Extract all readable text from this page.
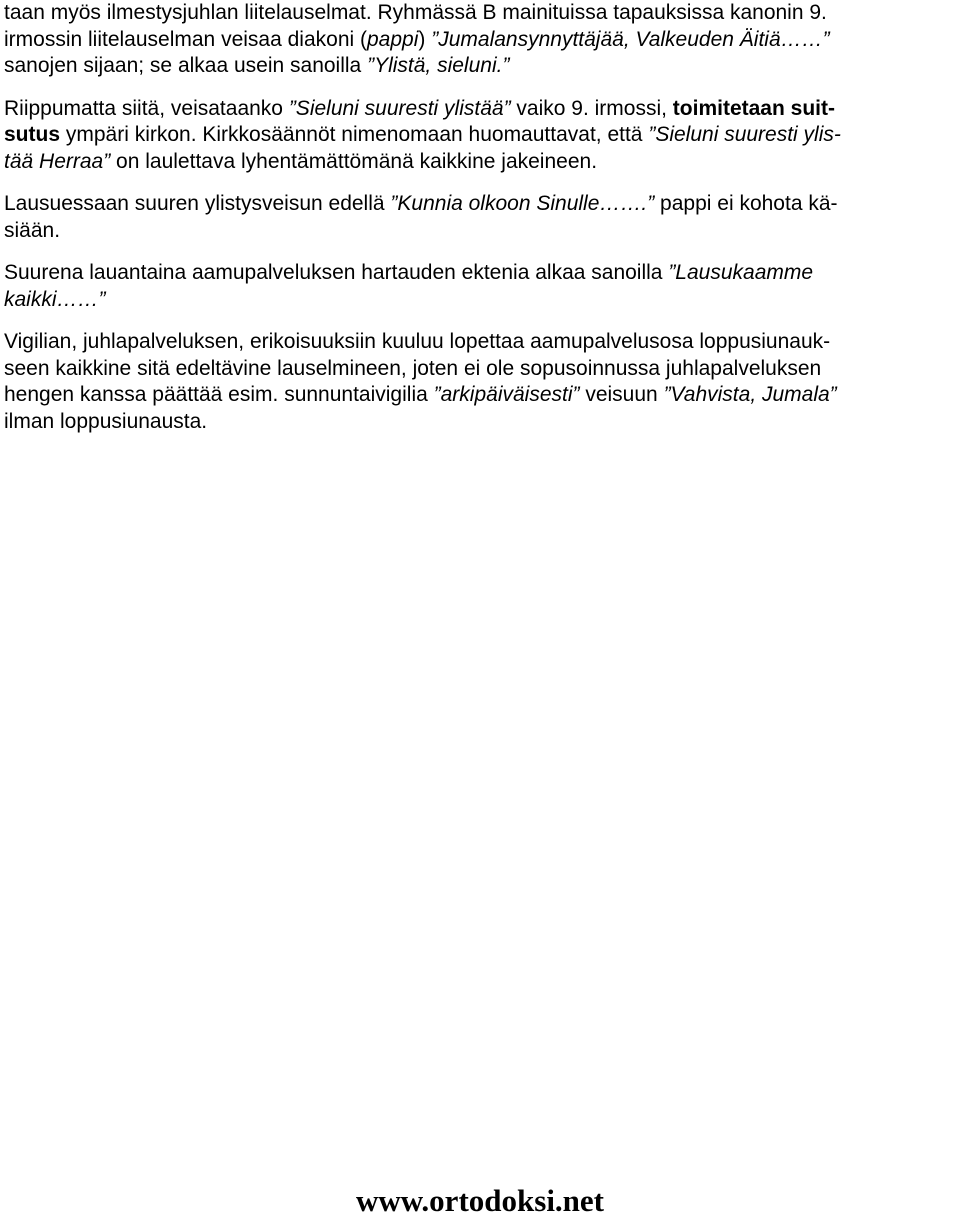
taan myös ilmestysjuhlan liitelauselmat. Ryhmässä B mainituissa tapauksissa kanonin 9.
irmossin liitelauselman veisaa diakoni (pappi) ”Jumalansynnyttäjää, Valkeuden Äitiä……”
sanojen sijaan; se alkaa usein sanoilla ”Ylistä, sieluni.”
Riippumatta siitä, veisataanko ”Sieluni suuresti ylistää” vaiko 9. irmossi, toimitetaan suit-
sutus ympäri kirkon. Kirkkosäännöt nimenomaan huomauttavat, että ”Sieluni suuresti ylis-
tää Herraa” on laulettava lyhentämättömänä kaikkine jakeineen.
Lausuessaan suuren ylistysveisun edellä ”Kunnia olkoon Sinulle…….” pappi ei kohota kä-
siään.
Suurena lauantaina aamupalveluksen hartauden ektenia alkaa sanoilla ”Lausukaamme
kaikki……”
Vigilian, juhlapalveluksen, erikoisuuksiin kuuluu lopettaa aamupalvelusosa loppusiunauk-
seen kaikkine sitä edeltävine lauselmineen, joten ei ole sopusoinnussa juhlapalveluksen
hengen kanssa päättää esim. sunnuntaivigilia ”arkipäiväisesti” veisuun ”Vahvista, Jumala”
ilman loppusiunausta.
www.ortodoksi.net
